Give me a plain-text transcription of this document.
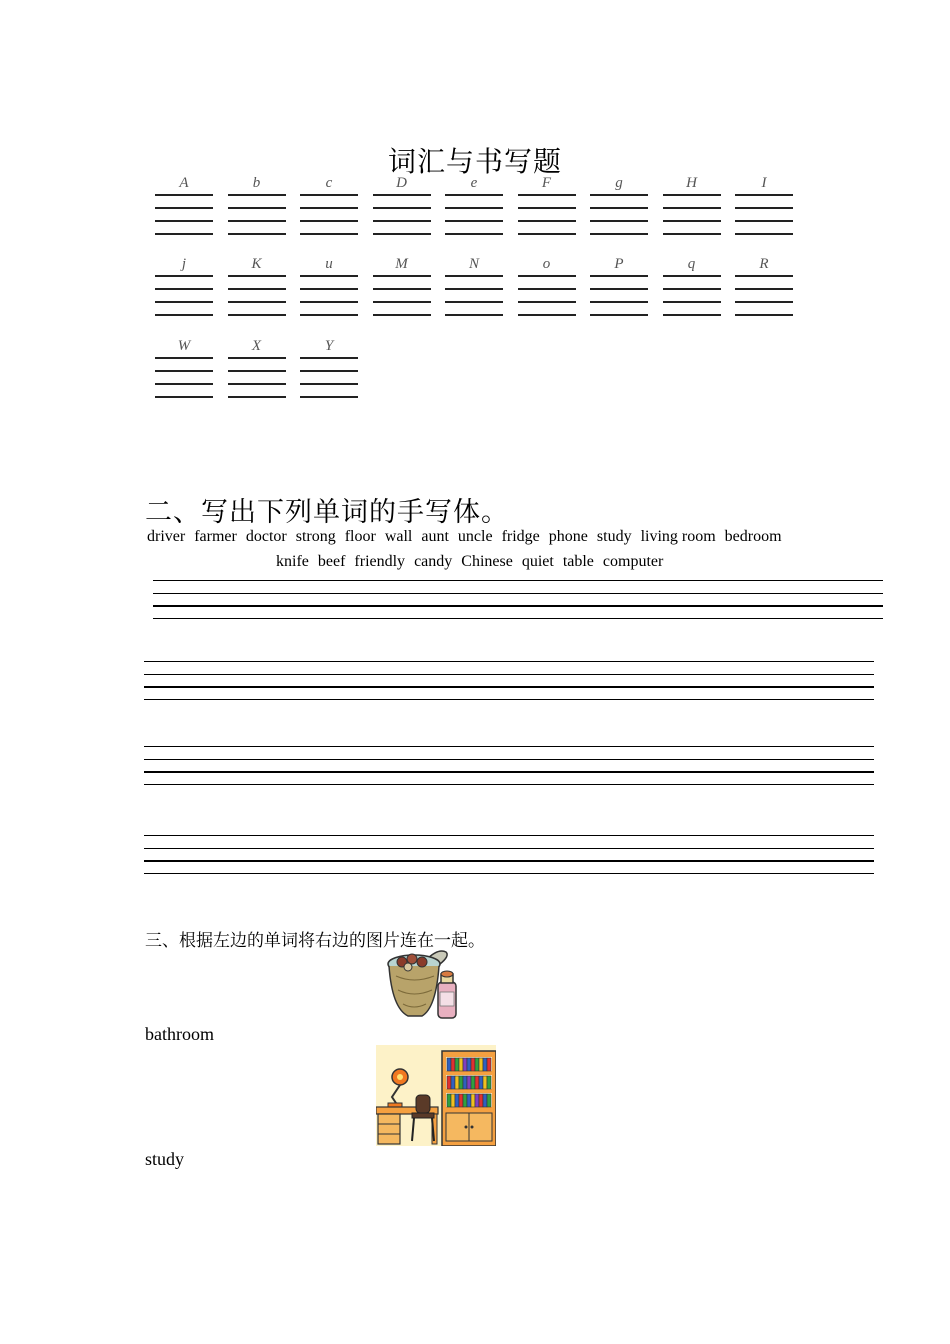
词汇与书写题
A	b	c	D	e	F	g	H	I
j	K	u	M	N	o	P	q	R
W	X	Y
二、写出下列单词的手写体。
driver farmer doctor strong floor wall aunt uncle fridge phone study living room bedroom
knife beef friendly candy Chinese quiet table computer
三、根据左边的单词将右边的图片连在一起。
bathroom
study
